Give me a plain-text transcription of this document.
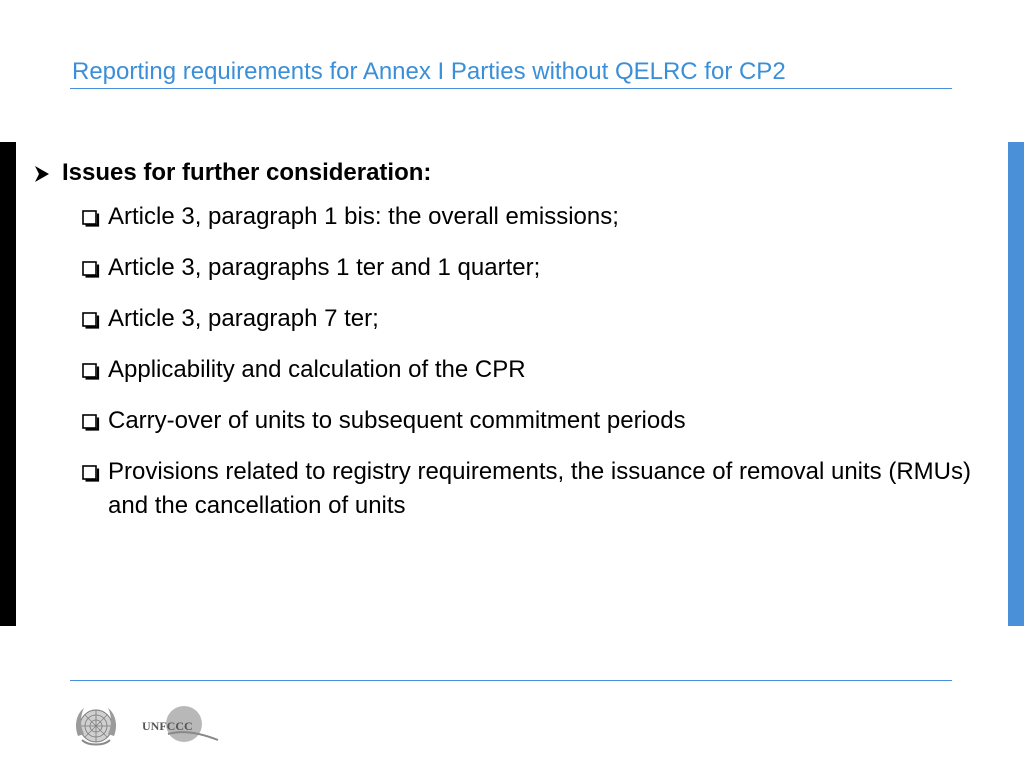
Reporting requirements for Annex I Parties without QELRC for CP2
Issues for further consideration:
Article 3, paragraph 1 bis: the overall emissions;
Article 3, paragraphs 1 ter and 1 quarter;
Article 3, paragraph 7 ter;
Applicability and calculation of the CPR
Carry-over of units to subsequent commitment periods
Provisions related to registry requirements, the issuance of removal units (RMUs) and the cancellation of units
UNFCCC
